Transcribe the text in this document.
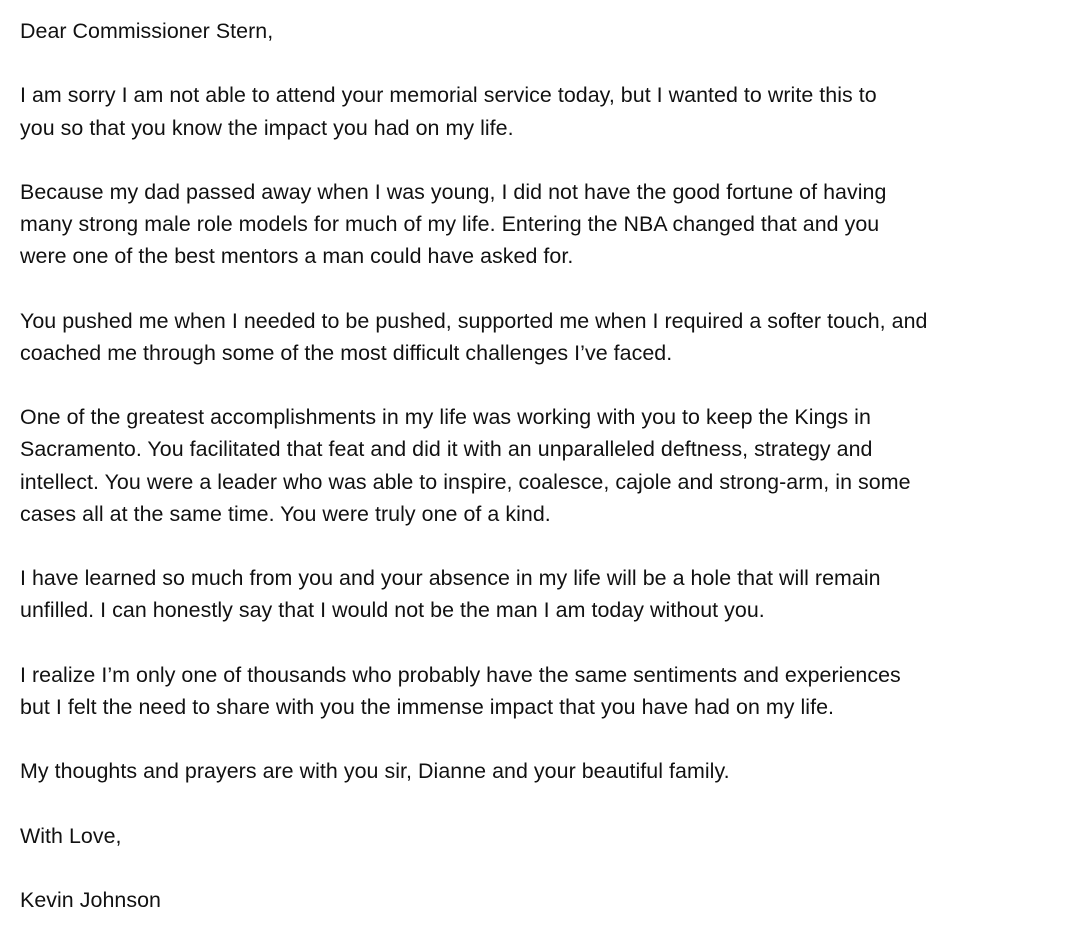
Dear Commissioner Stern,
I am sorry I am not able to attend your memorial service today, but I wanted to write this to
you so that you know the impact you had on my life.
Because my dad passed away when I was young, I did not have the good fortune of having
many strong male role models for much of my life. Entering the NBA changed that and you
were one of the best mentors a man could have asked for.
You pushed me when I needed to be pushed, supported me when I required a softer touch, and
coached me through some of the most difficult challenges I’ve faced.
One of the greatest accomplishments in my life was working with you to keep the Kings in
Sacramento. You facilitated that feat and did it with an unparalleled deftness, strategy and
intellect. You were a leader who was able to inspire, coalesce, cajole and strong-arm, in some
cases all at the same time. You were truly one of a kind.
I have learned so much from you and your absence in my life will be a hole that will remain
unfilled. I can honestly say that I would not be the man I am today without you.
I realize I’m only one of thousands who probably have the same sentiments and experiences
but I felt the need to share with you the immense impact that you have had on my life.
My thoughts and prayers are with you sir, Dianne and your beautiful family.
With Love,
Kevin Johnson
